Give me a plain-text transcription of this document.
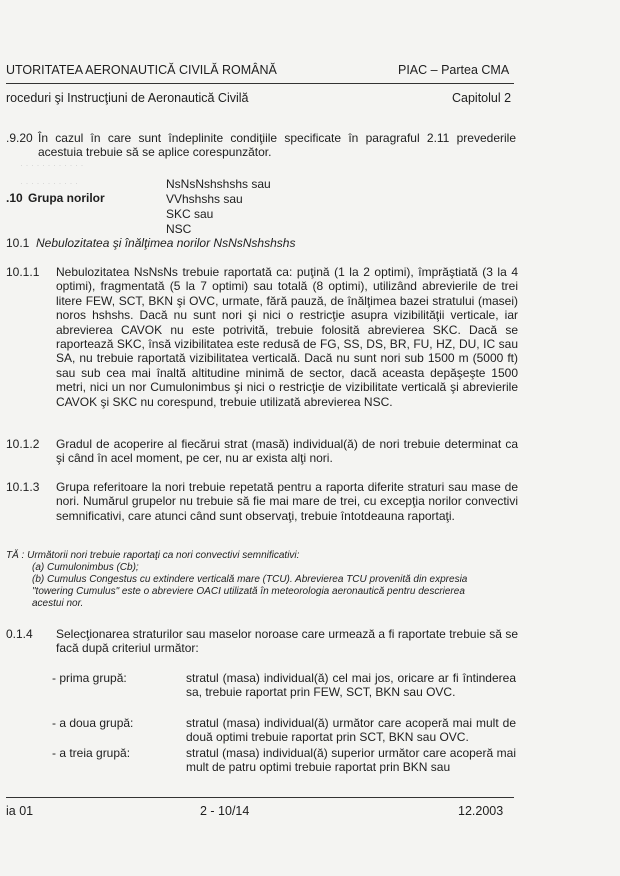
· · · · · · · · · · · ·
· · · · · · · · · · ·
UTORITATEA AERONAUTICĂ CIVILĂ ROMÂNĂ	PIAC – Partea CMA
roceduri şi Instrucţiuni de Aeronautică Civilă	Capitolul 2
.9.20 În cazul în care sunt îndeplinite condiţiile specificate în paragraful 2.11 prevederile acestuia trebuie să se aplice corespunzător.
.10 Grupa norilor
NsNsNshshshs sau
VVhshshs sau
SKC sau
NSC
10.1 Nebulozitatea şi înălţimea norilor NsNsNshshshs
10.1.1 Nebulozitatea NsNsNs trebuie raportată ca: puţină (1 la 2 optimi), împrăştiată (3 la 4 optimi), fragmentată (5 la 7 optimi) sau totală (8 optimi), utilizând abrevierile de trei litere FEW, SCT, BKN şi OVC, urmate, fără pauză, de înălţimea bazei stratului (masei) noros hshshs. Dacă nu sunt nori şi nici o restricţie asupra vizibilităţii verticale, iar abrevierea CAVOK nu este potrivită, trebuie folosită abrevierea SKC. Dacă se raportează SKC, însă vizibilitatea este redusă de FG, SS, DS, BR, FU, HZ, DU, IC sau SA, nu trebuie raportată vizibilitatea verticală. Dacă nu sunt nori sub 1500 m (5000 ft) sau sub cea mai înaltă altitudine minimă de sector, dacă aceasta depăşeşte 1500 metri, nici un nor Cumulonimbus şi nici o restricţie de vizibilitate verticală şi abrevierile CAVOK şi SKC nu corespund, trebuie utilizată abrevierea NSC.
10.1.2 Gradul de acoperire al fiecărui strat (masă) individual(ă) de nori trebuie determinat ca şi când în acel moment, pe cer, nu ar exista alţi nori.
10.1.3 Grupa referitoare la nori trebuie repetată pentru a raporta diferite straturi sau mase de nori. Numărul grupelor nu trebuie să fie mai mare de trei, cu excepţia norilor convectivi semnificativi, care atunci când sunt observaţi, trebuie întotdeauna raportaţi.
TĂ : Următorii nori trebuie raportaţi ca nori convectivi semnificativi:
(a) Cumulonimbus (Cb);
(b) Cumulus Congestus cu extindere verticală mare (TCU). Abrevierea TCU provenită din expresia
"towering Cumulus" este o abreviere OACI utilizată în meteorologia aeronautică pentru descrierea
acestui nor.
0.1.4 Selecţionarea straturilor sau maselor noroase care urmează a fi raportate trebuie să se facă după criteriul următor:
- prima grupă:	stratul (masa) individual(ă) cel mai jos, oricare ar fi întinderea sa, trebuie raportat prin FEW, SCT, BKN sau OVC.
- a doua grupă:	stratul (masa) individual(ă) următor care acoperă mai mult de două optimi trebuie raportat prin SCT, BKN sau OVC.
- a treia grupă:	stratul (masa) individual(ă) superior următor care acoperă mai mult de patru optimi trebuie raportat prin BKN sau
ia 01	2 - 10/14	12.2003
